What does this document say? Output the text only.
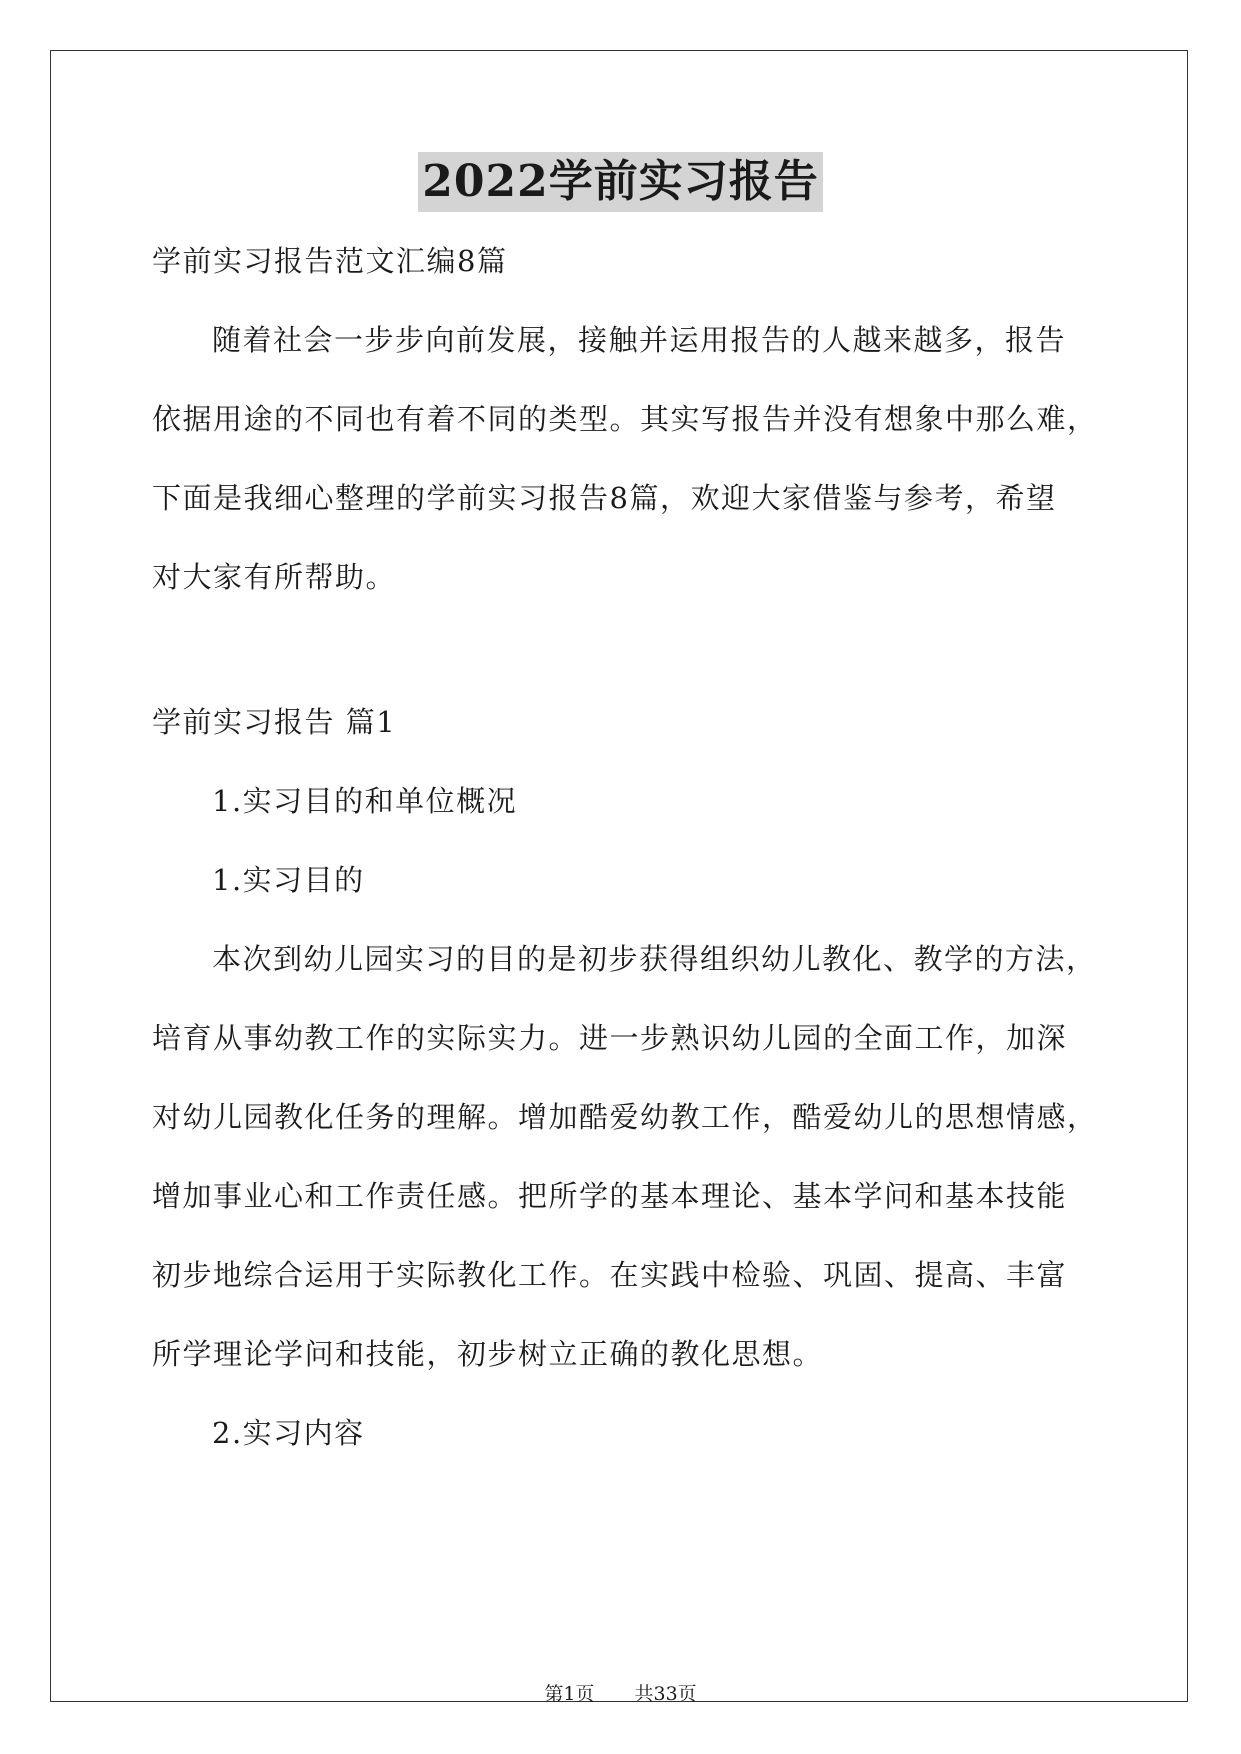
2022学前实习报告
学前实习报告范文汇编8篇
随着社会一步步向前发展，接触并运用报告的人越来越多，报告
依据用途的不同也有着不同的类型。其实写报告并没有想象中那么难，
下面是我细心整理的学前实习报告8篇，欢迎大家借鉴与参考，希望
对大家有所帮助。
学前实习报告 篇1
1.实习目的和单位概况
1.实习目的
本次到幼儿园实习的目的是初步获得组织幼儿教化、教学的方法，
培育从事幼教工作的实际实力。进一步熟识幼儿园的全面工作，加深
对幼儿园教化任务的理解。增加酷爱幼教工作，酷爱幼儿的思想情感，
增加事业心和工作责任感。把所学的基本理论、基本学问和基本技能
初步地综合运用于实际教化工作。在实践中检验、巩固、提高、丰富
所学理论学问和技能，初步树立正确的教化思想。
2.实习内容
第1页 共33页
